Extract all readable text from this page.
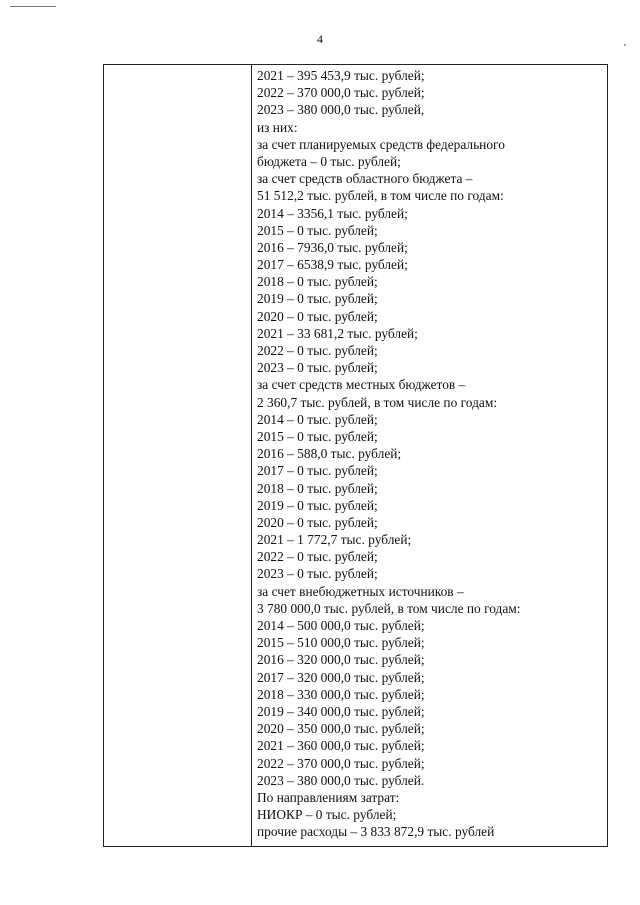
4
2021 – 395 453,9 тыс. рублей;
2022 – 370 000,0 тыс. рублей;
2023 – 380 000,0 тыс. рублей,
из них:
за счет планируемых средств федерального
бюджета – 0 тыс. рублей;
за счет средств областного бюджета –
51 512,2 тыс. рублей, в том числе по годам:
2014 – 3356,1 тыс. рублей;
2015 – 0 тыс. рублей;
2016 – 7936,0 тыс. рублей;
2017 – 6538,9 тыс. рублей;
2018 – 0 тыс. рублей;
2019 – 0 тыс. рублей;
2020 – 0 тыс. рублей;
2021 – 33 681,2 тыс. рублей;
2022 – 0 тыс. рублей;
2023 – 0 тыс. рублей;
за счет средств местных бюджетов –
2 360,7 тыс. рублей, в том числе по годам:
2014 – 0 тыс. рублей;
2015 – 0 тыс. рублей;
2016 – 588,0 тыс. рублей;
2017 – 0 тыс. рублей;
2018 – 0 тыс. рублей;
2019 – 0 тыс. рублей;
2020 – 0 тыс. рублей;
2021 – 1 772,7 тыс. рублей;
2022 – 0 тыс. рублей;
2023 – 0 тыс. рублей;
за счет внебюджетных источников –
3 780 000,0 тыс. рублей, в том числе по годам:
2014 – 500 000,0 тыс. рублей;
2015 – 510 000,0 тыс. рублей;
2016 – 320 000,0 тыс. рублей;
2017 – 320 000,0 тыс. рублей;
2018 – 330 000,0 тыс. рублей;
2019 – 340 000,0 тыс. рублей;
2020 – 350 000,0 тыс. рублей;
2021 – 360 000,0 тыс. рублей;
2022 – 370 000,0 тыс. рублей;
2023 – 380 000,0 тыс. рублей.
По направлениям затрат:
НИОКР – 0 тыс. рублей;
прочие расходы – 3 833 872,9 тыс. рублей
